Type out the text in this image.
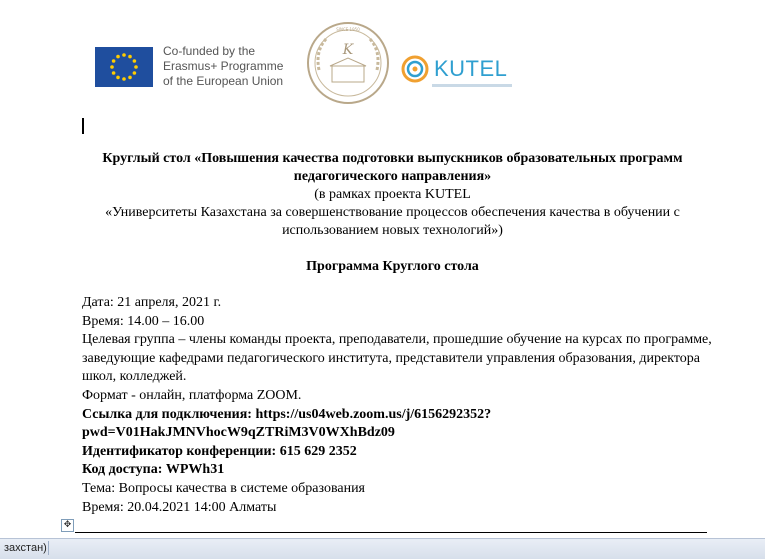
Co-funded by the
Erasmus+ Programme
of the European Union
K
SINCE 1950
KUTEL
Круглый стол «Повышения качества подготовки выпускников образовательных программ педагогического направления»
(в рамках проекта KUTEL
«Университеты Казахстана за совершенствование процессов обеспечения качества в обучении с использованием новых технологий»)
Программа Круглого стола
Дата: 21 апреля, 2021 г.
Время: 14.00 – 16.00
Целевая группа – члены команды проекта, преподаватели, прошедшие обучение на курсах по программе, заведующие кафедрами педагогического института, представители управления образования, директора школ, колледжей.
Формат - онлайн, платформа ZOOM.
Ссылка для подключения: https://us04web.zoom.us/j/6156292352?
pwd=V01HakJMNVhocW9qZTRiM3V0WXhBdz09
Идентификатор конференции: 615 629 2352
Код доступа: WPWh31
Тема: Вопросы качества в системе образования
Время: 20.04.2021 14:00 Алматы
✥
захстан)
